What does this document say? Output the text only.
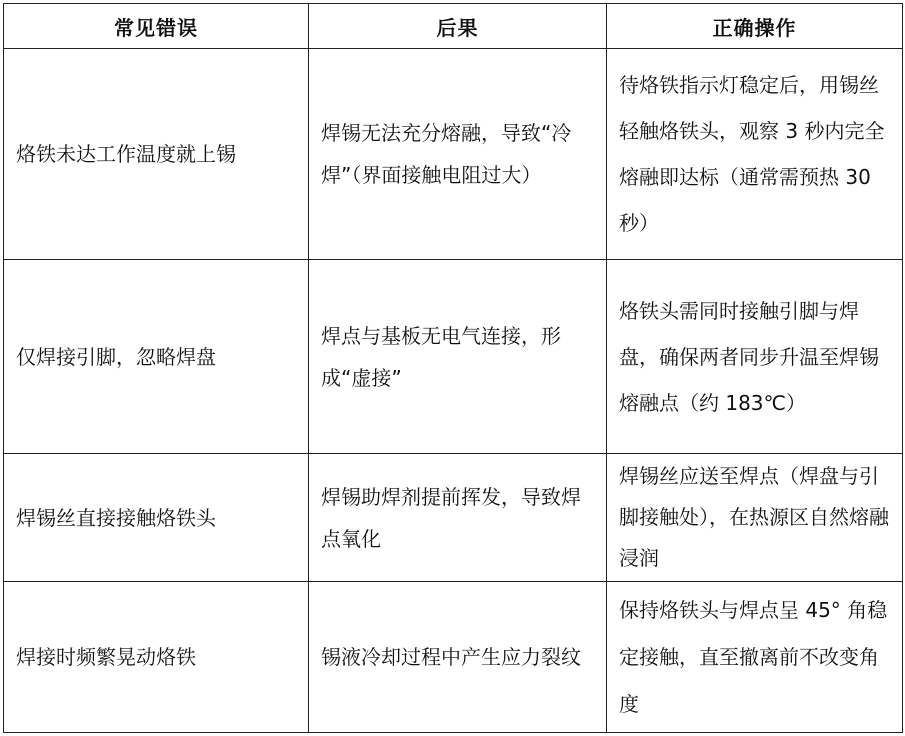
常见错误	后果	正确操作

烙铁未达工作温度就上锡	焊锡无法充分熔融，导致“冷焊”（界面接触电阻过大）	待烙铁指示灯稳定后，用锡丝轻触烙铁头，观察 3 秒内完全熔融即达标（通常需预热 30 秒）

仅焊接引脚，忽略焊盘	焊点与基板无电气连接，形成“虚接”	烙铁头需同时接触引脚与焊盘，确保两者同步升温至焊锡熔融点（约 183℃）

焊锡丝直接接触烙铁头	焊锡助焊剂提前挥发，导致焊点氧化	焊锡丝应送至焊点（焊盘与引脚接触处），在热源区自然熔融浸润

焊接时频繁晃动烙铁	锡液冷却过程中产生应力裂纹	保持烙铁头与焊点呈 45° 角稳定接触，直至撤离前不改变角度
